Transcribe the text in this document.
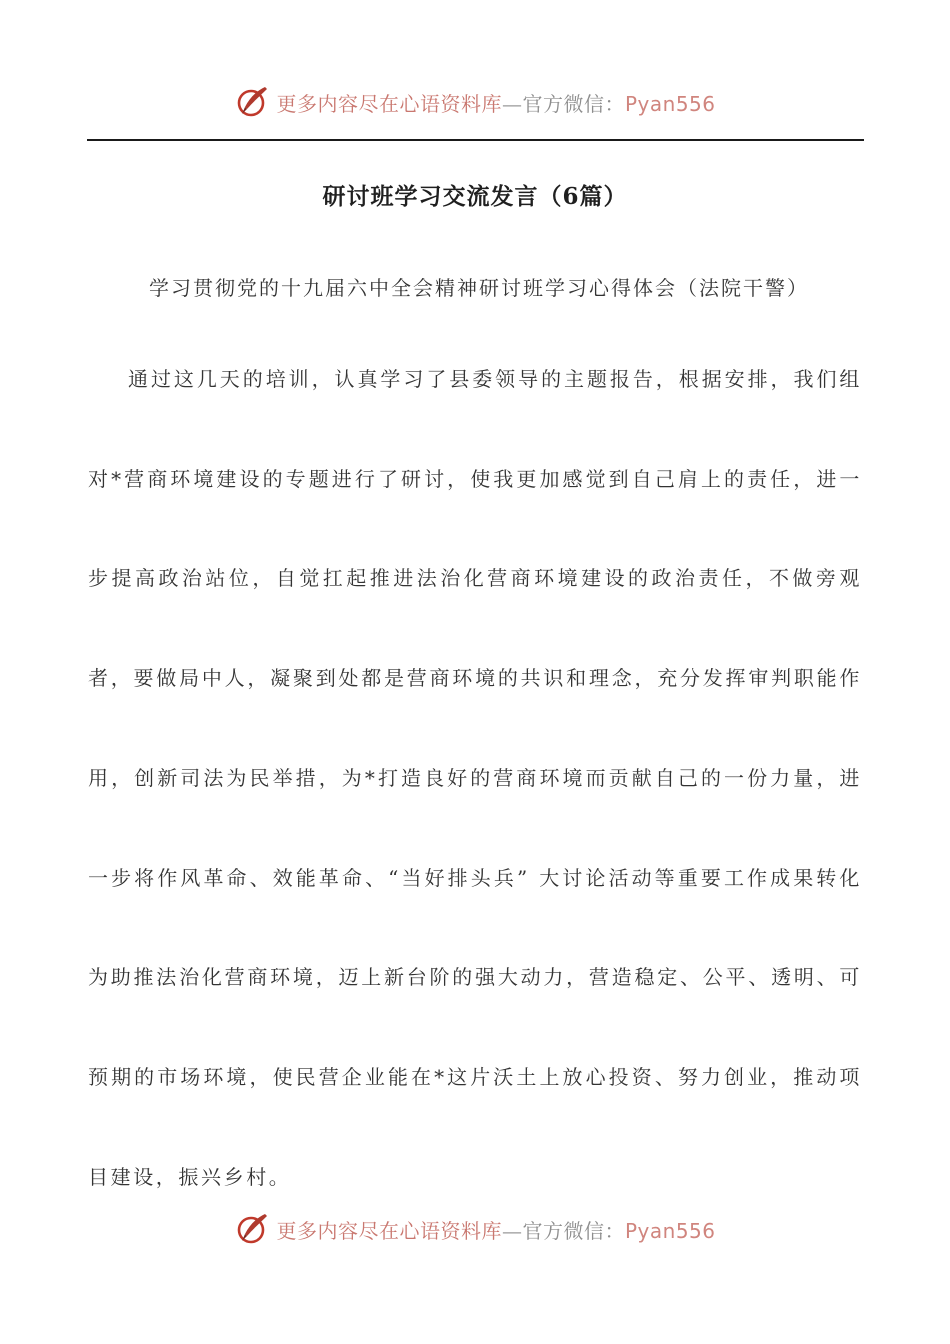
更多内容尽在心语资料库—官方微信：Pyan556
研讨班学习交流发言（6篇）
学习贯彻党的十九届六中全会精神研讨班学习心得体会（法院干警）

通过这几天的培训，认真学习了县委领导的主题报告，根据安排，我们组对*营商环境建设的专题进行了研讨，使我更加感觉到自己肩上的责任，进一步提高政治站位，自觉扛起推进法治化营商环境建设的政治责任，不做旁观者，要做局中人，凝聚到处都是营商环境的共识和理念，充分发挥审判职能作用，创新司法为民举措，为*打造良好的营商环境而贡献自己的一份力量，进一步将作风革命、效能革命、“当好排头兵” 大讨论活动等重要工作成果转化为助推法治化营商环境，迈上新台阶的强大动力，营造稳定、公平、透明、可预期的市场环境，使民营企业能在*这片沃土上放心投资、努力创业，推动项目建设，振兴乡村。

更多内容尽在心语资料库—官方微信：Pyan556
